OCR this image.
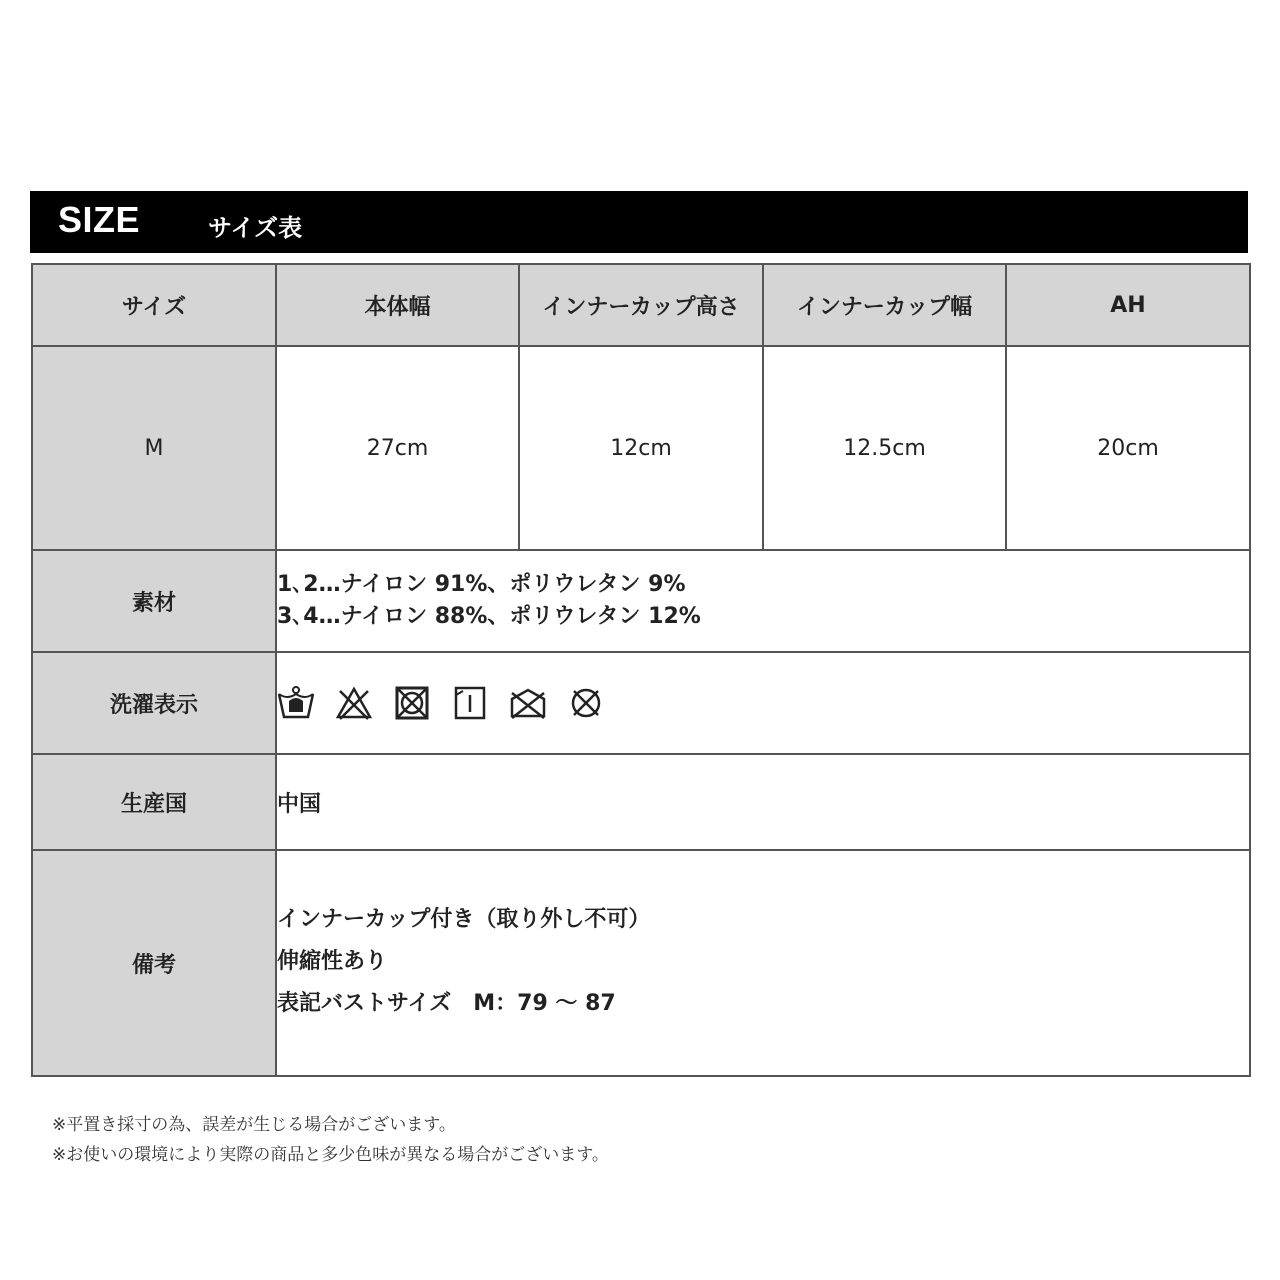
SIZE	サイズ表
サイズ	本体幅	インナーカップ高さ	インナーカップ幅	AH
M	27cm	12cm	12.5cm	20cm
素材	1､2…ナイロン 91%、ポリウレタン 9%
3､4…ナイロン 88%、ポリウレタン 12%			

洗濯表示	

生産国	中国			
備考	インナーカップ付き（取り外し不可）
伸縮性あり
表記バストサイズ　M：79 ～ 87			
※平置き採寸の為、誤差が生じる場合がございます。
※お使いの環境により実際の商品と多少色味が異なる場合がございます。
